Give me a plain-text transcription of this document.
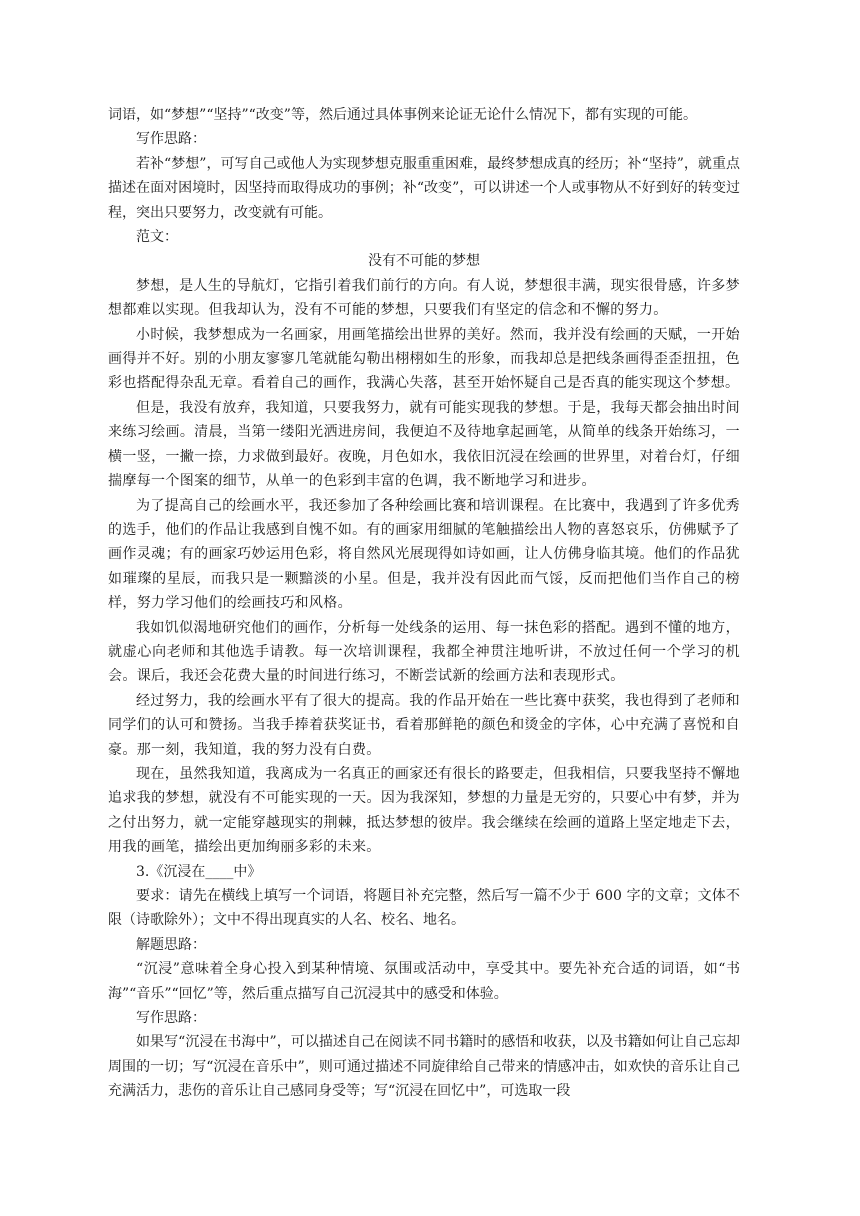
词语，如“梦想”“坚持”“改变”等，然后通过具体事例来论证无论什么情况下，都有实现的可能。

写作思路：

若补“梦想”，可写自己或他人为实现梦想克服重重困难，最终梦想成真的经历；补“坚持”，就重点描述在面对困境时，因坚持而取得成功的事例；补“改变”，可以讲述一个人或事物从不好到好的转变过程，突出只要努力，改变就有可能。

范文：

没有不可能的梦想

梦想，是人生的导航灯，它指引着我们前行的方向。有人说，梦想很丰满，现实很骨感，许多梦想都难以实现。但我却认为，没有不可能的梦想，只要我们有坚定的信念和不懈的努力。

小时候，我梦想成为一名画家，用画笔描绘出世界的美好。然而，我并没有绘画的天赋，一开始画得并不好。别的小朋友寥寥几笔就能勾勒出栩栩如生的形象，而我却总是把线条画得歪歪扭扭，色彩也搭配得杂乱无章。看着自己的画作，我满心失落，甚至开始怀疑自己是否真的能实现这个梦想。

但是，我没有放弃，我知道，只要我努力，就有可能实现我的梦想。于是，我每天都会抽出时间来练习绘画。清晨，当第一缕阳光洒进房间，我便迫不及待地拿起画笔，从简单的线条开始练习，一横一竖，一撇一捺，力求做到最好。夜晚，月色如水，我依旧沉浸在绘画的世界里，对着台灯，仔细揣摩每一个图案的细节，从单一的色彩到丰富的色调，我不断地学习和进步。

为了提高自己的绘画水平，我还参加了各种绘画比赛和培训课程。在比赛中，我遇到了许多优秀的选手，他们的作品让我感到自愧不如。有的画家用细腻的笔触描绘出人物的喜怒哀乐，仿佛赋予了画作灵魂；有的画家巧妙运用色彩，将自然风光展现得如诗如画，让人仿佛身临其境。他们的作品犹如璀璨的星辰，而我只是一颗黯淡的小星。但是，我并没有因此而气馁，反而把他们当作自己的榜样，努力学习他们的绘画技巧和风格。

我如饥似渴地研究他们的画作，分析每一处线条的运用、每一抹色彩的搭配。遇到不懂的地方，就虚心向老师和其他选手请教。每一次培训课程，我都全神贯注地听讲，不放过任何一个学习的机会。课后，我还会花费大量的时间进行练习，不断尝试新的绘画方法和表现形式。

经过努力，我的绘画水平有了很大的提高。我的作品开始在一些比赛中获奖，我也得到了老师和同学们的认可和赞扬。当我手捧着获奖证书，看着那鲜艳的颜色和烫金的字体，心中充满了喜悦和自豪。那一刻，我知道，我的努力没有白费。

现在，虽然我知道，我离成为一名真正的画家还有很长的路要走，但我相信，只要我坚持不懈地追求我的梦想，就没有不可能实现的一天。因为我深知，梦想的力量是无穷的，只要心中有梦，并为之付出努力，就一定能穿越现实的荆棘，抵达梦想的彼岸。我会继续在绘画的道路上坚定地走下去，用我的画笔，描绘出更加绚丽多彩的未来。

3.《沉浸在____中》

要求：请先在横线上填写一个词语，将题目补充完整，然后写一篇不少于 600 字的文章；文体不限（诗歌除外）；文中不得出现真实的人名、校名、地名。

解题思路：

“沉浸”意味着全身心投入到某种情境、氛围或活动中，享受其中。要先补充合适的词语，如“书海”“音乐”“回忆”等，然后重点描写自己沉浸其中的感受和体验。

写作思路：

如果写“沉浸在书海中”，可以描述自己在阅读不同书籍时的感悟和收获，以及书籍如何让自己忘却周围的一切；写“沉浸在音乐中”，则可通过描述不同旋律给自己带来的情感冲击，如欢快的音乐让自己充满活力，悲伤的音乐让自己感同身受等；写“沉浸在回忆中”，可选取一段
